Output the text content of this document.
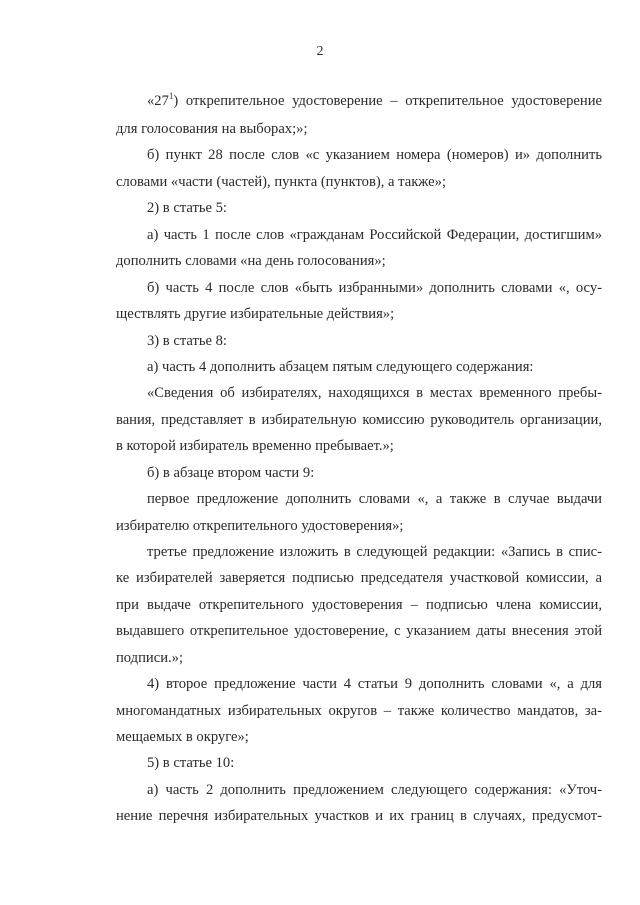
2
«$27^1$) открепительное удостоверение – открепительное удостоверение
для голосования на выборах;»;
б) пункт 28 после слов «с указанием номера (номеров) и» дополнить
словами «части (частей), пункта (пунктов), а также»;
2) в статье 5:
а) часть 1 после слов «гражданам Российской Федерации, достигшим»
дополнить словами «на день голосования»;
б) часть 4 после слов «быть избранными» дополнить словами «, осу-
ществлять другие избирательные действия»;
3) в статье 8:
а) часть 4 дополнить абзацем пятым следующего содержания:
«Сведения об избирателях, находящихся в местах временного пребы-
вания, представляет в избирательную комиссию руководитель организации,
в которой избиратель временно пребывает.»;
б) в абзаце втором части 9:
первое предложение дополнить словами «, а также в случае выдачи
избирателю открепительного удостоверения»;
третье предложение изложить в следующей редакции: «Запись в спис-
ке избирателей заверяется подписью председателя участковой комиссии, а
при выдаче открепительного удостоверения – подписью члена комиссии,
выдавшего открепительное удостоверение, с указанием даты внесения этой
подписи.»;
4) второе предложение части 4 статьи 9 дополнить словами «, а для
многомандатных избирательных округов – также количество мандатов, за-
мещаемых в округе»;
5) в статье 10:
а) часть 2 дополнить предложением следующего содержания: «Уточ-
нение перечня избирательных участков и их границ в случаях, предусмот-
